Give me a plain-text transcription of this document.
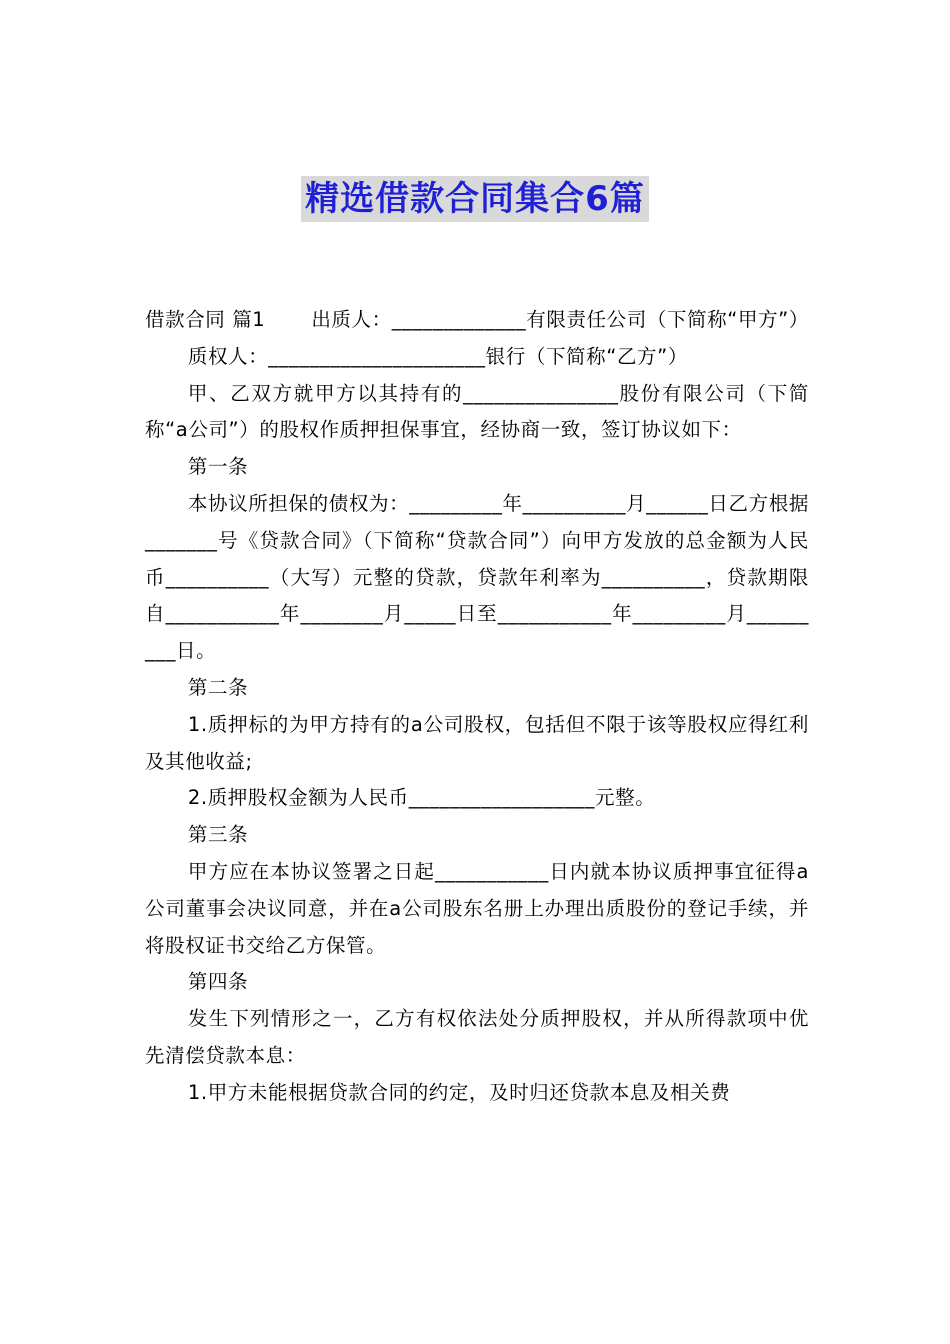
精选借款合同集合6篇

借款合同 篇1 出质人：_____________有限责任公司（下简称“甲方”）

质权人：_____________________银行（下简称“乙方”）

甲、乙双方就甲方以其持有的_______________股份有限公司（下简称“a公司”）的股权作质押担保事宜，经协商一致，签订协议如下：

第一条

本协议所担保的债权为：_________年__________月______日乙方根据_______号《贷款合同》（下简称“贷款合同”）向甲方发放的总金额为人民币__________（大写）元整的贷款，贷款年利率为__________，贷款期限自___________年________月_____日至___________年_________月_________日。

第二条

1.质押标的为甲方持有的a公司股权，包括但不限于该等股权应得红利及其他收益;

2.质押股权金额为人民币__________________元整。

第三条

甲方应在本协议签署之日起___________日内就本协议质押事宜征得a公司董事会决议同意，并在a公司股东名册上办理出质股份的登记手续，并将股权证书交给乙方保管。

第四条

发生下列情形之一，乙方有权依法处分质押股权，并从所得款项中优先清偿贷款本息：

1.甲方未能根据贷款合同的约定，及时归还贷款本息及相关费
